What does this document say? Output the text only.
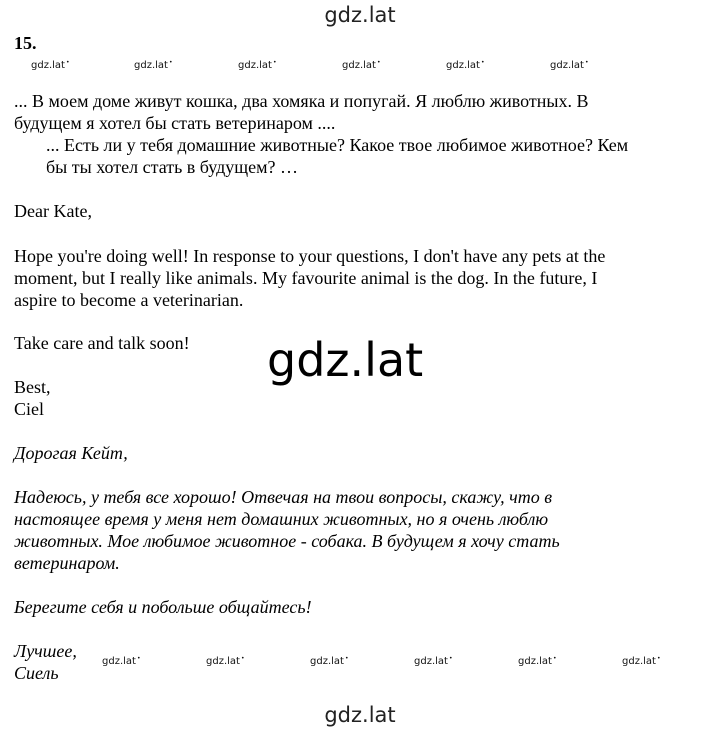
gdz.lat
15.
gdz.lat •	gdz.lat •	gdz.lat •	gdz.lat •	gdz.lat •	gdz.lat •
... В моем доме живут кошка, два хомяка и попугай. Я люблю животных. В
будущем я хотел бы стать ветеринаром ....
... Есть ли у тебя домашние животные? Какое твое любимое животное? Кем
бы ты хотел стать в будущем? …
Dear Kate,
Hope you're doing well! In response to your questions, I don't have any pets at the
moment, but I really like animals. My favourite animal is the dog. In the future, I
aspire to become a veterinarian.
Take care and talk soon! gdz.lat
Best,
Ciel
Дорогая Кейт,
Надеюсь, у тебя все хорошо! Отвечая на твои вопросы, скажу, что в
настоящее время у меня нет домашних животных, но я очень люблю
животных. Мое любимое животное - собака. В будущем я хочу стать
ветеринаром.
Берегите себя и побольше общайтесь!
Лучшее,
Сиель
gdz.lat •	gdz.lat •	gdz.lat •	gdz.lat •	gdz.lat •	gdz.lat •
gdz.lat
